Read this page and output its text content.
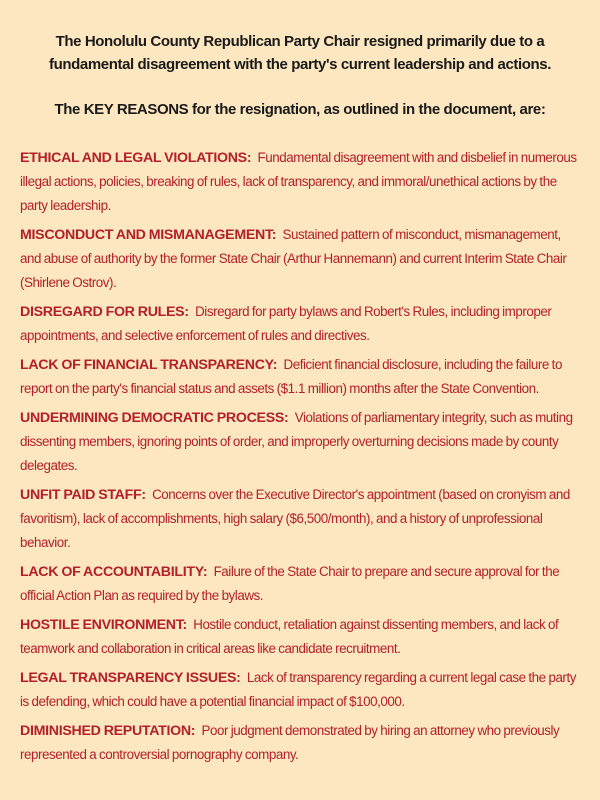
The Honolulu County Republican Party Chair resigned primarily due to a fundamental disagreement with the party's current leadership and actions.

The KEY REASONS for the resignation, as outlined in the document, are:

ETHICAL AND LEGAL VIOLATIONS: Fundamental disagreement with and disbelief in numerous illegal actions, policies, breaking of rules, lack of transparency, and immoral/unethical actions by the party leadership.

MISCONDUCT AND MISMANAGEMENT: Sustained pattern of misconduct, mismanagement, and abuse of authority by the former State Chair (Arthur Hannemann) and current Interim State Chair (Shirlene Ostrov).

DISREGARD FOR RULES: Disregard for party bylaws and Robert's Rules, including improper appointments, and selective enforcement of rules and directives.

LACK OF FINANCIAL TRANSPARENCY: Deficient financial disclosure, including the failure to report on the party's financial status and assets ($1.1 million) months after the State Convention.

UNDERMINING DEMOCRATIC PROCESS: Violations of parliamentary integrity, such as muting dissenting members, ignoring points of order, and improperly overturning decisions made by county delegates.

UNFIT PAID STAFF: Concerns over the Executive Director's appointment (based on cronyism and favoritism), lack of accomplishments, high salary ($6,500/month), and a history of unprofessional behavior.

LACK OF ACCOUNTABILITY: Failure of the State Chair to prepare and secure approval for the official Action Plan as required by the bylaws.

HOSTILE ENVIRONMENT: Hostile conduct, retaliation against dissenting members, and lack of teamwork and collaboration in critical areas like candidate recruitment.

LEGAL TRANSPARENCY ISSUES: Lack of transparency regarding a current legal case the party is defending, which could have a potential financial impact of $100,000.

DIMINISHED REPUTATION: Poor judgment demonstrated by hiring an attorney who previously represented a controversial pornography company.
